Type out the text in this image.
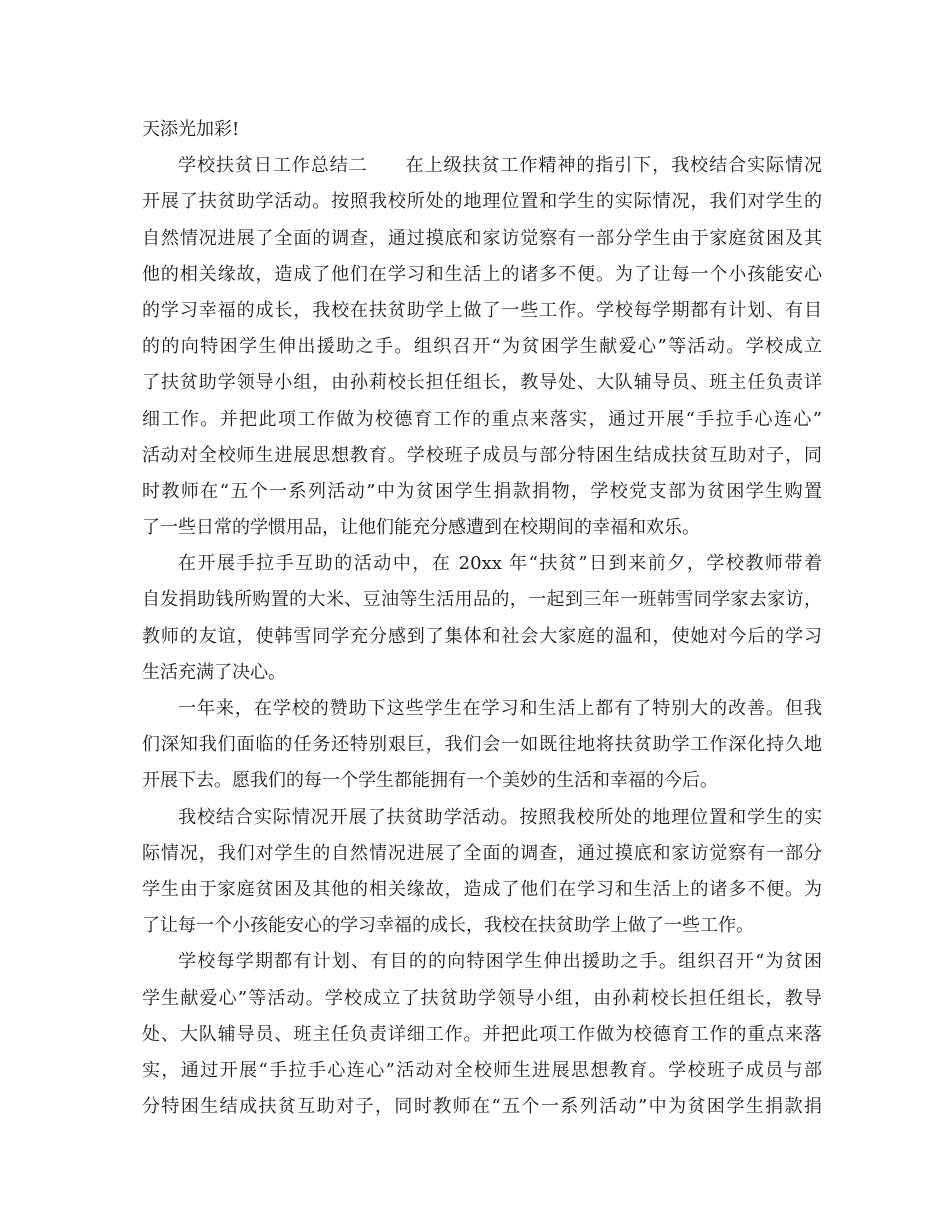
天添光加彩!
学校扶贫日工作总结二　　在上级扶贫工作精神的指引下，我校结合实际情况
开展了扶贫助学活动。按照我校所处的地理位置和学生的实际情况，我们对学生的
自然情况进展了全面的调查，通过摸底和家访觉察有一部分学生由于家庭贫困及其
他的相关缘故，造成了他们在学习和生活上的诸多不便。为了让每一个小孩能安心
的学习幸福的成长，我校在扶贫助学上做了一些工作。学校每学期都有计划、有目
的的向特困学生伸出援助之手。组织召开“为贫困学生献爱心”等活动。学校成立
了扶贫助学领导小组，由孙莉校长担任组长，教导处、大队辅导员、班主任负责详
细工作。并把此项工作做为校德育工作的重点来落实，通过开展“手拉手心连心”
活动对全校师生进展思想教育。学校班子成员与部分特困生结成扶贫互助对子，同
时教师在“五个一系列活动”中为贫困学生捐款捐物，学校党支部为贫困学生购置
了一些日常的学惯用品，让他们能充分感遭到在校期间的幸福和欢乐。
在开展手拉手互助的活动中，在 20xx 年“扶贫”日到来前夕，学校教师带着
自发捐助钱所购置的大米、豆油等生活用品的，一起到三年一班韩雪同学家去家访，
教师的友谊，使韩雪同学充分感到了集体和社会大家庭的温和，使她对今后的学习
生活充满了决心。
一年来，在学校的赞助下这些学生在学习和生活上都有了特别大的改善。但我
们深知我们面临的任务还特别艰巨，我们会一如既往地将扶贫助学工作深化持久地
开展下去。愿我们的每一个学生都能拥有一个美妙的生活和幸福的今后。
我校结合实际情况开展了扶贫助学活动。按照我校所处的地理位置和学生的实
际情况，我们对学生的自然情况进展了全面的调查，通过摸底和家访觉察有一部分
学生由于家庭贫困及其他的相关缘故，造成了他们在学习和生活上的诸多不便。为
了让每一个小孩能安心的学习幸福的成长，我校在扶贫助学上做了一些工作。
学校每学期都有计划、有目的的向特困学生伸出援助之手。组织召开“为贫困
学生献爱心”等活动。学校成立了扶贫助学领导小组，由孙莉校长担任组长，教导
处、大队辅导员、班主任负责详细工作。并把此项工作做为校德育工作的重点来落
实，通过开展“手拉手心连心”活动对全校师生进展思想教育。学校班子成员与部
分特困生结成扶贫互助对子，同时教师在“五个一系列活动”中为贫困学生捐款捐
